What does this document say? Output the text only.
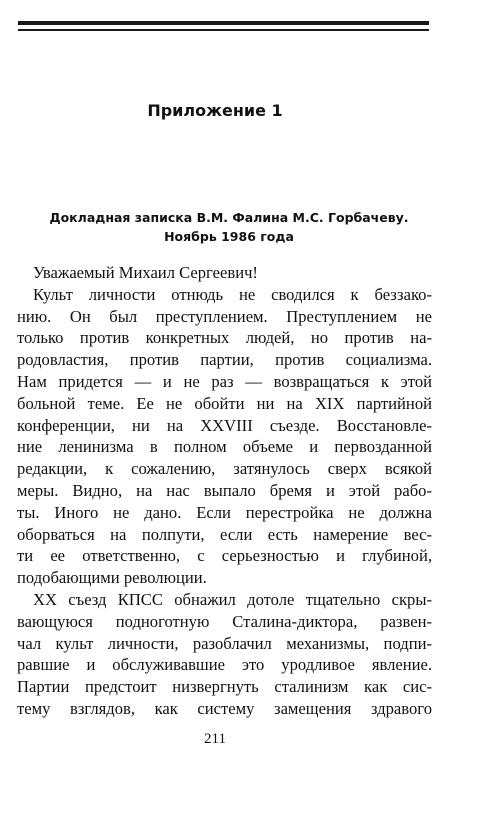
Приложение 1
Докладная записка В.М. Фалина М.С. Горбачеву.
Ноябрь 1986 года
Уважаемый Михаил Сергеевич!
Культ личности отнюдь не сводился к беззако-
нию. Он был преступлением. Преступлением не
только против конкретных людей, но против на-
родовластия, против партии, против социализма.
Нам придется — и не раз — возвращаться к этой
больной теме. Ее не обойти ни на XIX партийной
конференции, ни на XXVIII съезде. Восстановле-
ние ленинизма в полном объеме и первозданной
редакции, к сожалению, затянулось сверх всякой
меры. Видно, на нас выпало бремя и этой рабо-
ты. Иного не дано. Если перестройка не должна
оборваться на полпути, если есть намерение вес-
ти ее ответственно, с серьезностью и глубиной,
подобающими революции.
XX съезд КПСС обнажил дотоле тщательно скры-
вающуюся подноготную Сталина-диктора, развен-
чал культ личности, разоблачил механизмы, подпи-
равшие и обслуживавшие это уродливое явление.
Партии предстоит низвергнуть сталинизм как сис-
тему взглядов, как систему замещения здравого
211
